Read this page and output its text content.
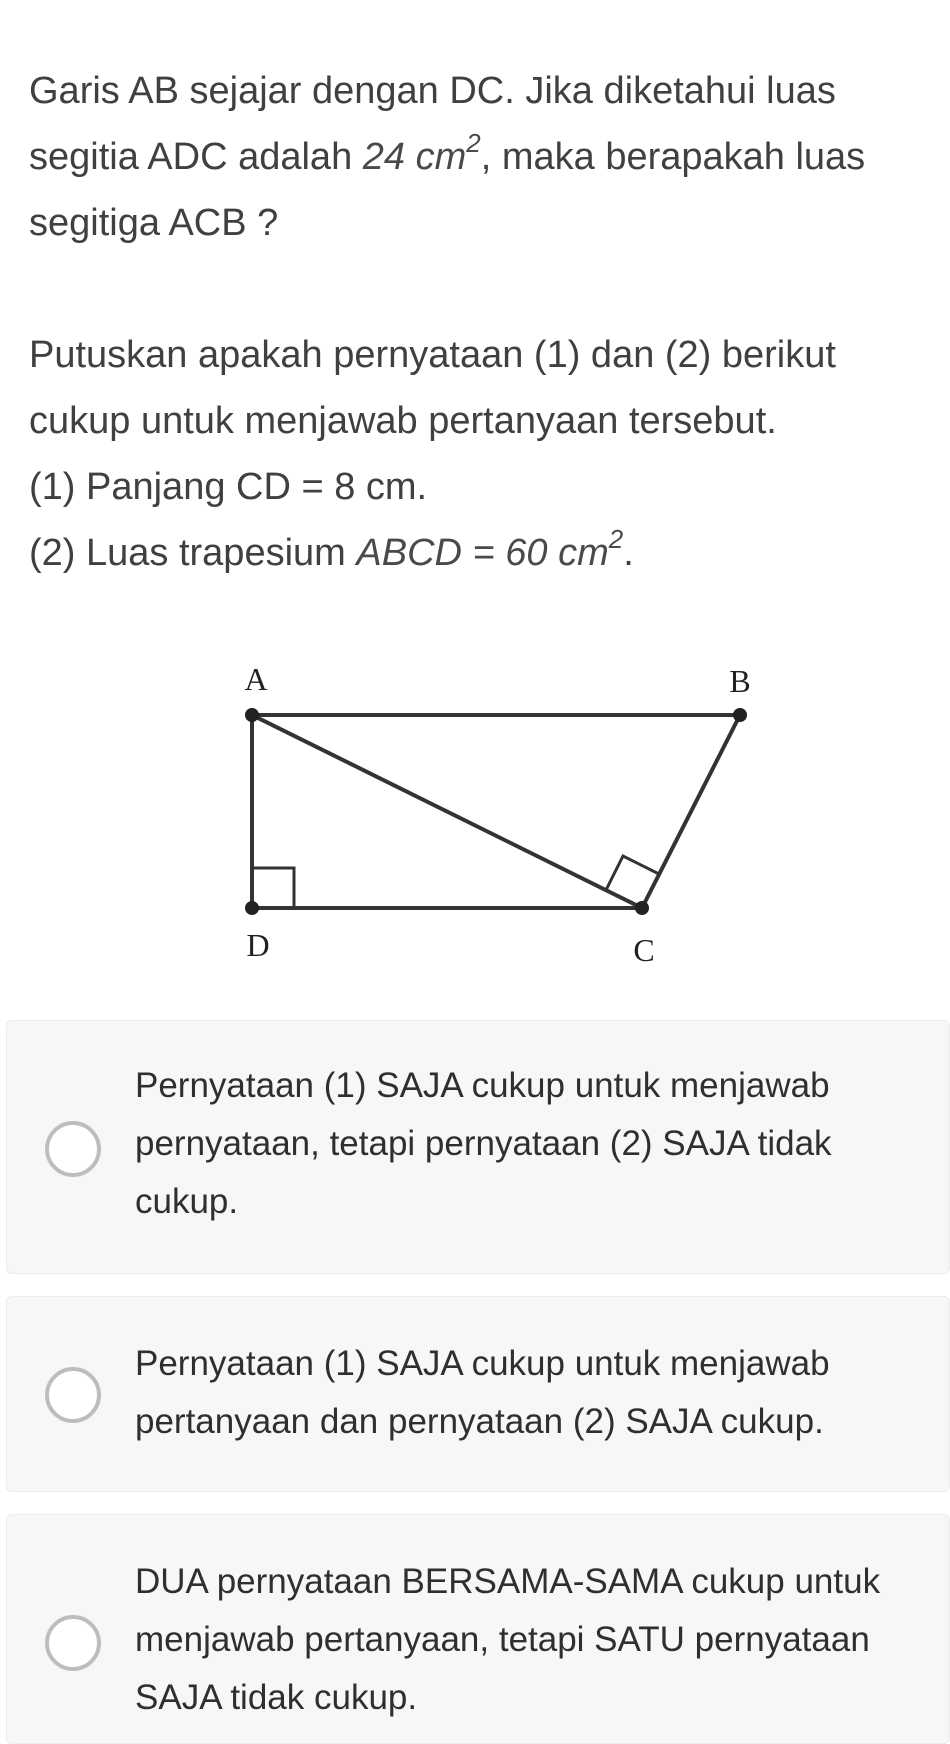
Garis AB sejajar dengan DC. Jika diketahui luas

segitia ADC adalah 24 $cm^2$, maka berapakah luas

segitiga ACB ?

Putuskan apakah pernyataan (1) dan (2) berikut

cukup untuk menjawab pertanyaan tersebut.

(1) Panjang CD = 8 cm.

(2) Luas trapesium ABCD = 60 $cm^2$.

A	B
D	C
Pernyataan (1) SAJA cukup untuk menjawab
pernyataan, tetapi pernyataan (2) SAJA tidak
cukup.
Pernyataan (1) SAJA cukup untuk menjawab
pertanyaan dan pernyataan (2) SAJA cukup.
DUA pernyataan BERSAMA-SAMA cukup untuk
menjawab pertanyaan, tetapi SATU pernyataan
SAJA tidak cukup.
